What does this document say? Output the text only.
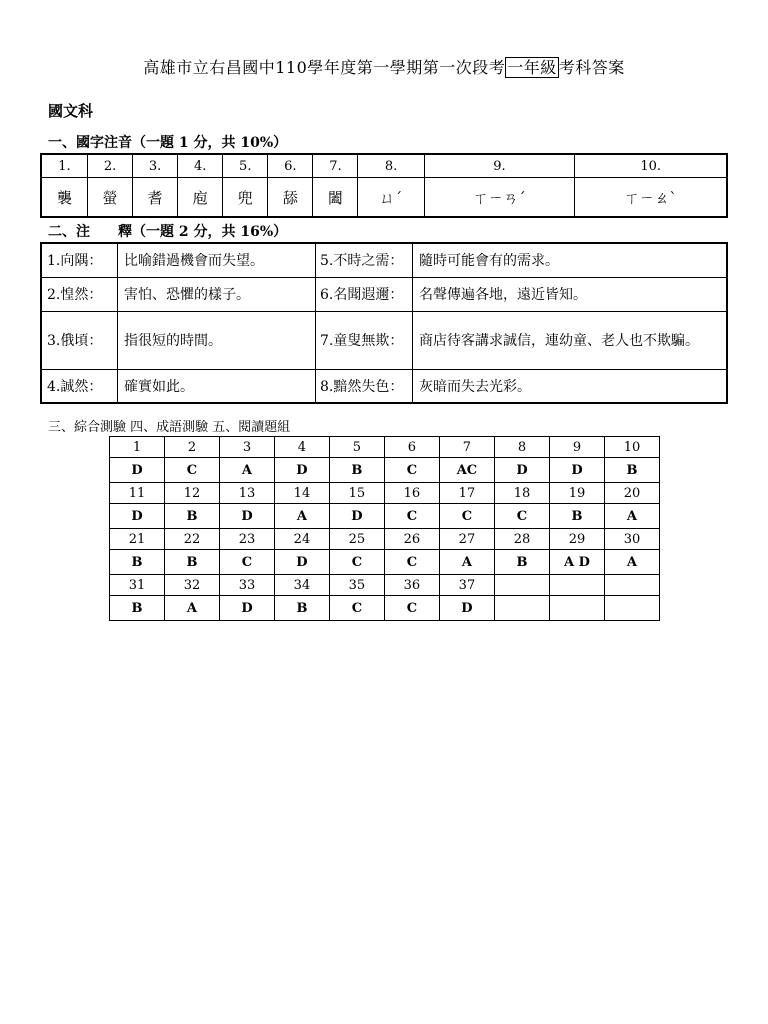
高雄市立右昌國中110學年度第一學期第一次段考 一年級 考科答案
國文科
一、國字注音（一題 1 分，共 10%）
1.	2.	3.	4.	5.	6.	7.	8.	9.	10.
襲	螢	耆	庖	兜	舔	闔	ㄩˊ	ㄒㄧㄢˊ	ㄒㄧㄠˋ
二、注　　釋（一題 2 分，共 16%）
1.向隅：	比喻錯過機會而失望。	5.不時之需：	隨時可能會有的需求。
2.惶然：	害怕、恐懼的樣子。	6.名聞遐邇：	名聲傳遍各地，遠近皆知。
3.俄頃：	指很短的時間。	7.童叟無欺：	商店待客講求誠信，連幼童、老人也不欺騙。
4.誠然：	確實如此。	8.黯然失色：	灰暗而失去光彩。
三、綜合測驗 四、成語測驗 五、閱讀題組
1	2	3	4	5	6	7	8	9	10
D	C	A	D	B	C	AC	D	D	B
11	12	13	14	15	16	17	18	19	20
D	B	D	A	D	C	C	C	B	A
21	22	23	24	25	26	27	28	29	30
B	B	C	D	C	C	A	B	A D	A
31	32	33	34	35	36	37			
B	A	D	B	C	C	D			
